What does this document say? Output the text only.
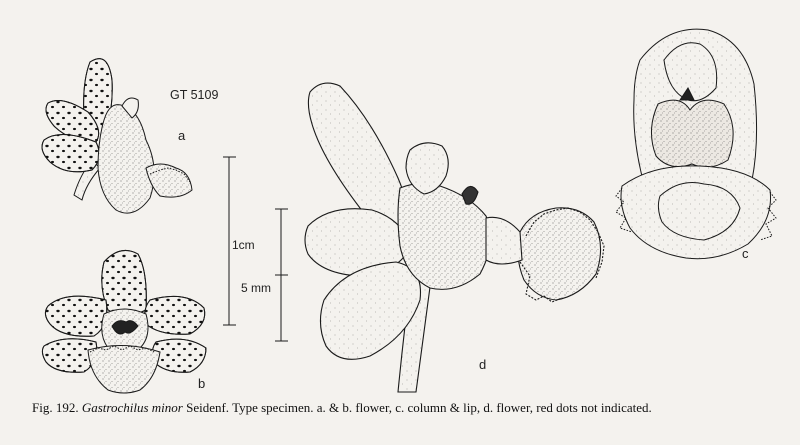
GT 5109
a
b
c
d
1cm
5 mm
Fig. 192. Gastrochilus minor Seidenf. Type specimen. a. & b. flower, c. column & lip, d. flower, red dots not indicated.
